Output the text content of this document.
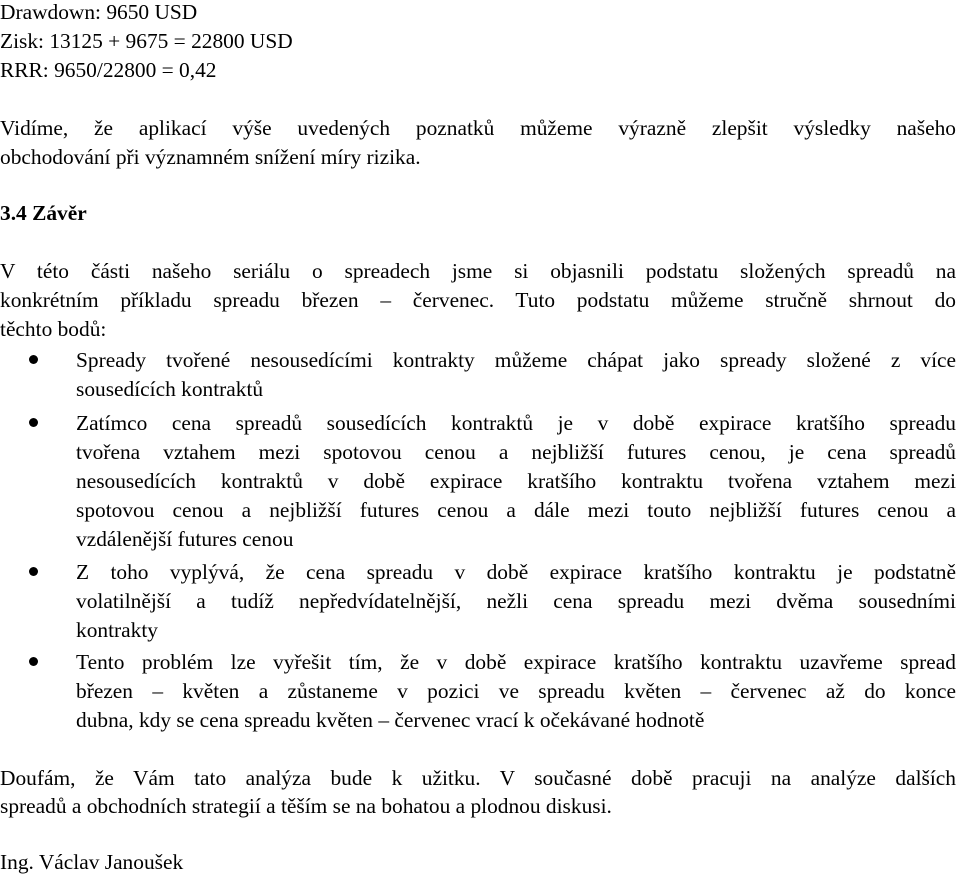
Drawdown: 9650 USD
Zisk: 13125 + 9675 = 22800 USD
RRR: 9650/22800 = 0,42
Vidíme, že aplikací výše uvedených poznatků můžeme výrazně zlepšit výsledky našeho
obchodování při významném snížení míry rizika.
3.4 Závěr
V této části našeho seriálu o spreadech jsme si objasnili podstatu složených spreadů na
konkrétním příkladu spreadu březen – červenec. Tuto podstatu můžeme stručně shrnout do
těchto bodů:
Spready tvořené nesousedícími kontrakty můžeme chápat jako spready složené z více
sousedících kontraktů
Zatímco cena spreadů sousedících kontraktů je v době expirace kratšího spreadu
tvořena vztahem mezi spotovou cenou a nejbližší futures cenou, je cena spreadů
nesousedících kontraktů v době expirace kratšího kontraktu tvořena vztahem mezi
spotovou cenou a nejbližší futures cenou a dále mezi touto nejbližší futures cenou a
vzdálenější futures cenou
Z toho vyplývá, že cena spreadu v době expirace kratšího kontraktu je podstatně
volatilnější a tudíž nepředvídatelnější, nežli cena spreadu mezi dvěma sousedními
kontrakty
Tento problém lze vyřešit tím, že v době expirace kratšího kontraktu uzavřeme spread
březen – květen a zůstaneme v pozici ve spreadu květen – červenec až do konce
dubna, kdy se cena spreadu květen – červenec vrací k očekávané hodnotě
Doufám, že Vám tato analýza bude k užitku. V současné době pracuji na analýze dalších
spreadů a obchodních strategií a těším se na bohatou a plodnou diskusi.
Ing. Václav Janoušek
